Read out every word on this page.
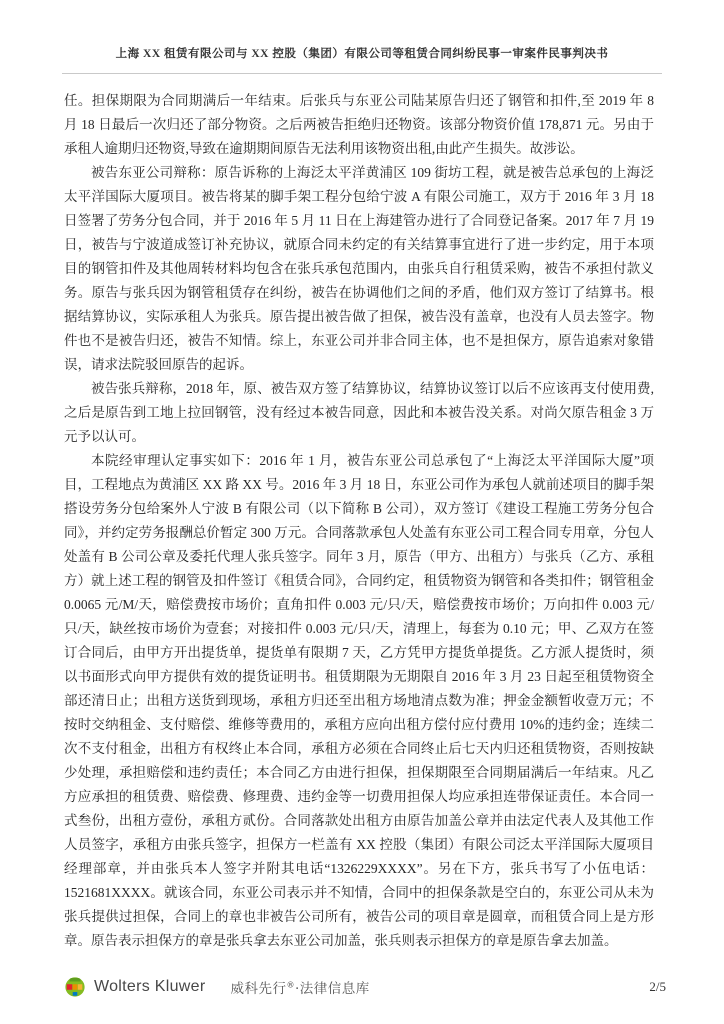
上海 XX 租赁有限公司与 XX 控股（集团）有限公司等租赁合同纠纷民事一审案件民事判决书

任。担保期限为合同期满后一年结束。后张兵与东亚公司陆某原告归还了钢管和扣件,至 2019 年 8 月 18 日最后一次归还了部分物资。之后两被告拒绝归还物资。该部分物资价值 178,871 元。另由于承租人逾期归还物资,导致在逾期期间原告无法利用该物资出租,由此产生损失。故涉讼。

被告东亚公司辩称：原告诉称的上海泛太平洋黄浦区 109 街坊工程，就是被告总承包的上海泛太平洋国际大厦项目。被告将某的脚手架工程分包给宁波 A 有限公司施工，双方于 2016 年 3 月 18 日签署了劳务分包合同，并于 2016 年 5 月 11 日在上海建管办进行了合同登记备案。2017 年 7 月 19 日，被告与宁波道成签订补充协议，就原合同未约定的有关结算事宜进行了进一步约定，用于本项目的钢管扣件及其他周转材料均包含在张兵承包范围内，由张兵自行租赁采购，被告不承担付款义务。原告与张兵因为钢管租赁存在纠纷，被告在协调他们之间的矛盾，他们双方签订了结算书。根据结算协议，实际承租人为张兵。原告提出被告做了担保，被告没有盖章，也没有人员去签字。物件也不是被告归还，被告不知情。综上，东亚公司并非合同主体，也不是担保方，原告追索对象错误，请求法院驳回原告的起诉。

被告张兵辩称，2018 年，原、被告双方签了结算协议，结算协议签订以后不应该再支付使用费,之后是原告到工地上拉回钢管，没有经过本被告同意，因此和本被告没关系。对尚欠原告租金 3 万元予以认可。

本院经审理认定事实如下：2016 年 1 月，被告东亚公司总承包了“上海泛太平洋国际大厦”项目，工程地点为黄浦区 XX 路 XX 号。2016 年 3 月 18 日，东亚公司作为承包人就前述项目的脚手架搭设劳务分包给案外人宁波 B 有限公司（以下简称 B 公司），双方签订《建设工程施工劳务分包合同》，并约定劳务报酬总价暂定 300 万元。合同落款承包人处盖有东亚公司工程合同专用章，分包人处盖有 B 公司公章及委托代理人张兵签字。同年 3 月，原告（甲方、出租方）与张兵（乙方、承租方）就上述工程的钢管及扣件签订《租赁合同》，合同约定，租赁物资为钢管和各类扣件；钢管租金 0.0065 元/M/天，赔偿费按市场价；直角扣件 0.003 元/只/天，赔偿费按市场价；万向扣件 0.003 元/只/天，缺丝按市场价为壹套；对接扣件 0.003 元/只/天，清理上，每套为 0.10 元；甲、乙双方在签订合同后，由甲方开出提货单，提货单有限期 7 天，乙方凭甲方提货单提货。乙方派人提货时，须以书面形式向甲方提供有效的提货证明书。租赁期限为无期限自 2016 年 3 月 23 日起至租赁物资全部还清日止；出租方送货到现场，承租方归还至出租方场地清点数为准；押金金额暂收壹万元；不按时交纳租金、支付赔偿、维修等费用的，承租方应向出租方偿付应付费用 10%的违约金；连续二次不支付租金，出租方有权终止本合同，承租方必须在合同终止后七天内归还租赁物资，否则按缺少处理，承担赔偿和违约责任；本合同乙方由进行担保，担保期限至合同期届满后一年结束。凡乙方应承担的租赁费、赔偿费、修理费、违约金等一切费用担保人均应承担连带保证责任。本合同一式叁份，出租方壹份，承租方贰份。合同落款处出租方由原告加盖公章并由法定代表人及其他工作人员签字，承租方由张兵签字，担保方一栏盖有 XX 控股（集团）有限公司泛太平洋国际大厦项目经理部章，并由张兵本人签字并附其电话“1326229XXXX”。另在下方，张兵书写了小伍电话：1521681XXXX。就该合同，东亚公司表示并不知情，合同中的担保条款是空白的，东亚公司从未为张兵提供过担保，合同上的章也非被告公司所有，被告公司的项目章是圆章，而租赁合同上是方形章。原告表示担保方的章是张兵拿去东亚公司加盖，张兵则表示担保方的章是原告拿去加盖。

Wolters Kluwer 威科先行®·法律信息库	2/5
